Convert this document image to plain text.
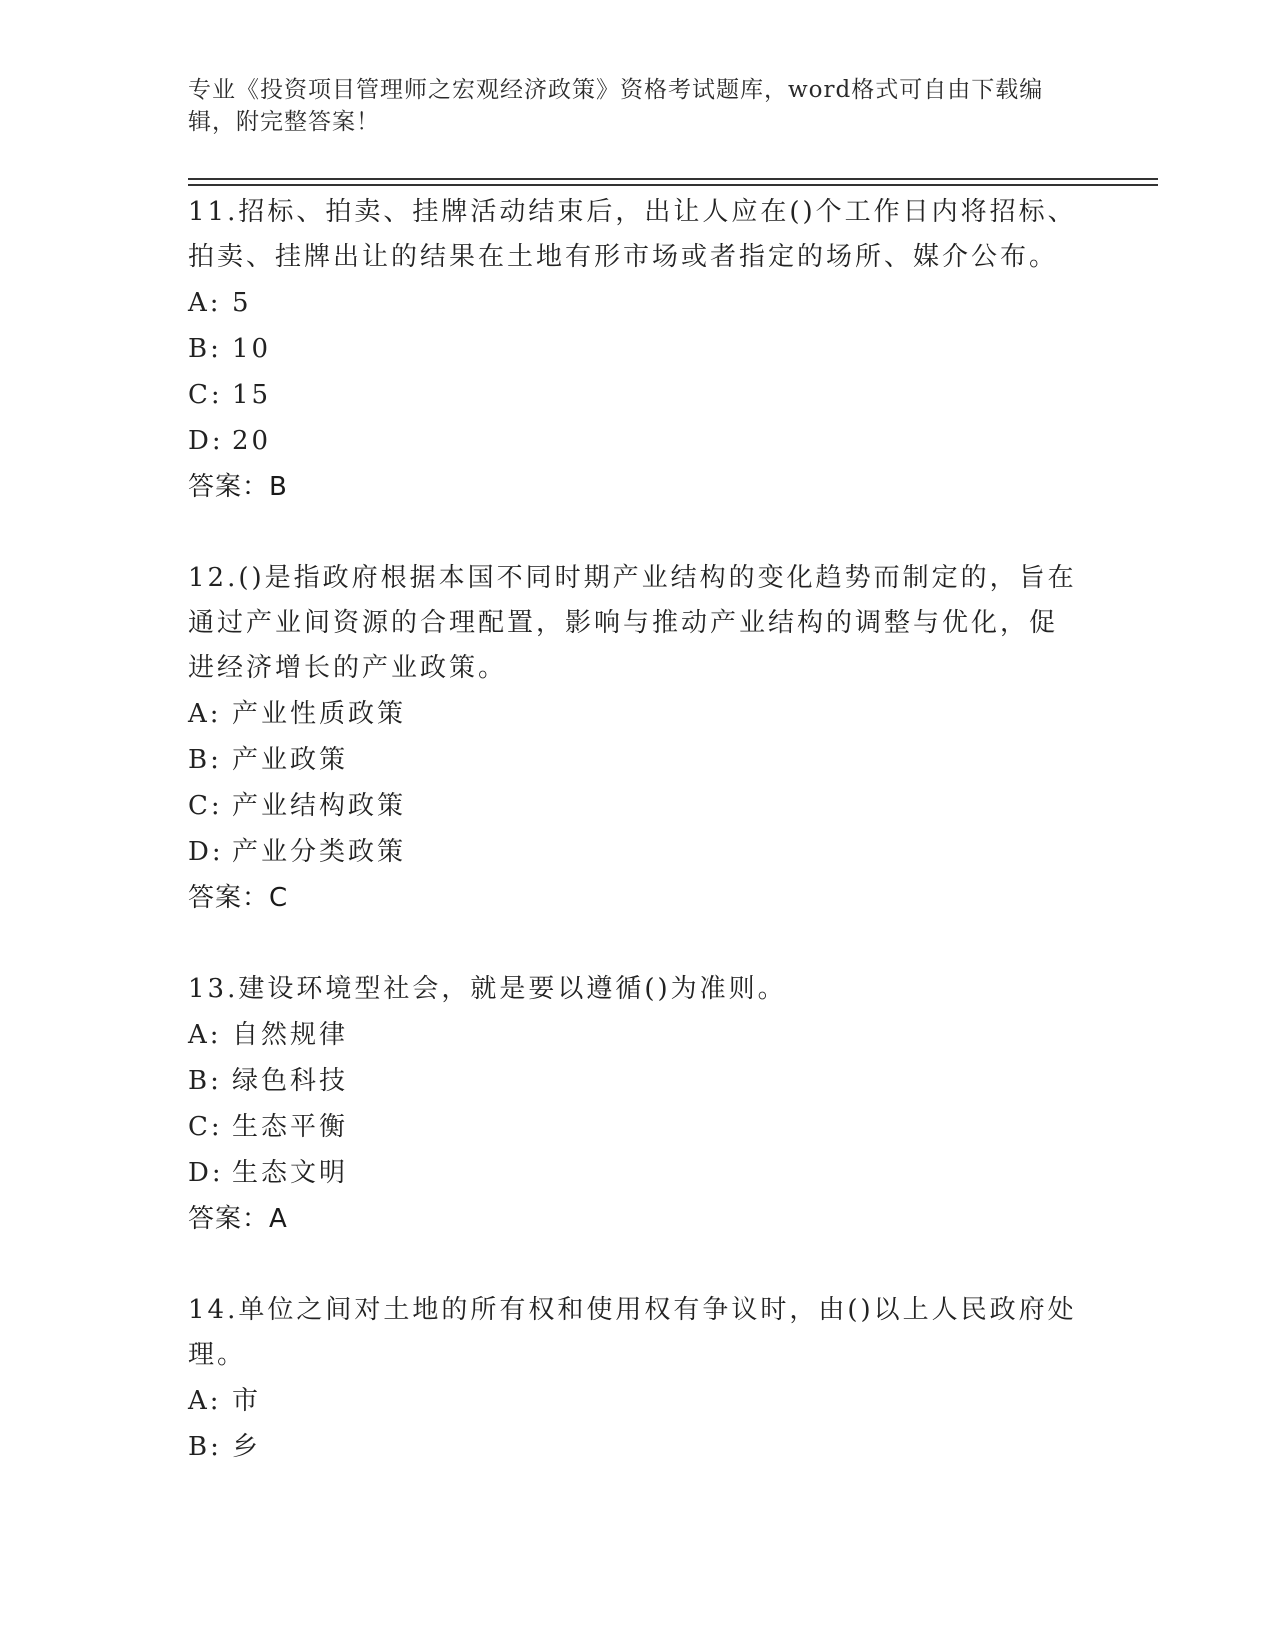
专业《投资项目管理师之宏观经济政策》资格考试题库，word格式可自由下载编
辑，附完整答案！

11.招标、拍卖、挂牌活动结束后，出让人应在()个工作日内将招标、

拍卖、挂牌出让的结果在土地有形市场或者指定的场所、媒介公布。

A: 5

B: 10

C: 15

D: 20

答案：B

12.()是指政府根据本国不同时期产业结构的变化趋势而制定的，旨在

通过产业间资源的合理配置，影响与推动产业结构的调整与优化，促

进经济增长的产业政策。

A: 产业性质政策

B: 产业政策

C: 产业结构政策

D: 产业分类政策

答案：C

13.建设环境型社会，就是要以遵循()为准则。

A: 自然规律

B: 绿色科技

C: 生态平衡

D: 生态文明

答案：A

14.单位之间对土地的所有权和使用权有争议时，由()以上人民政府处

理。

A: 市

B: 乡
